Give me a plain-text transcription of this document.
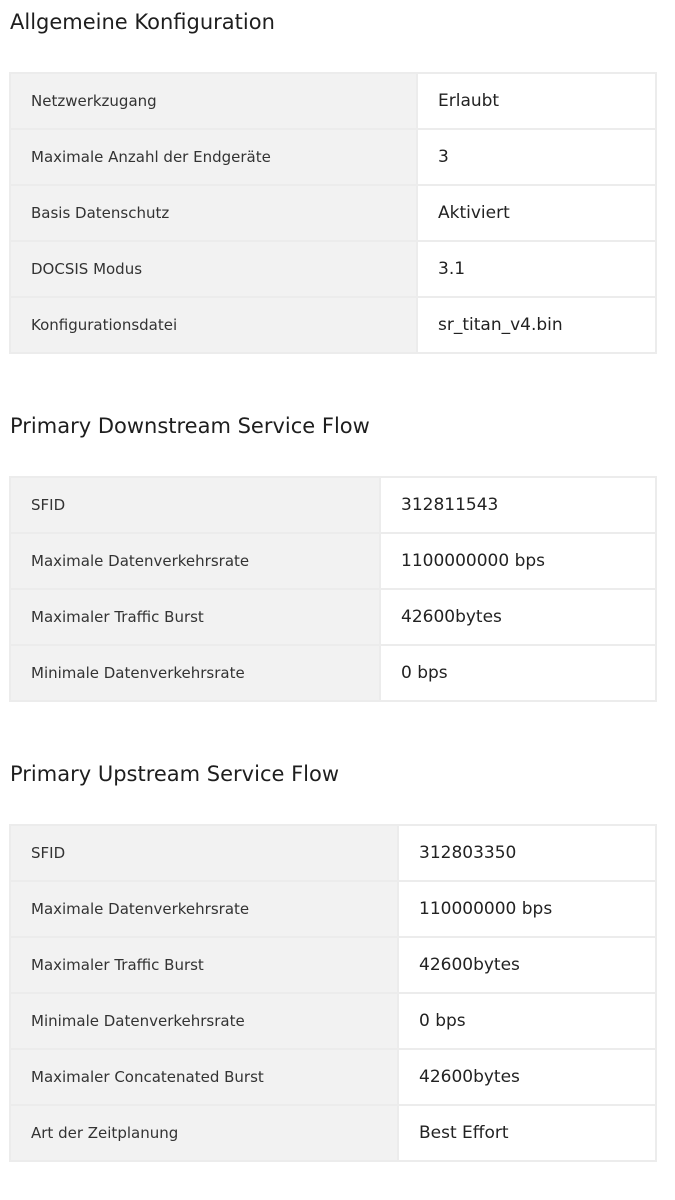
Allgemeine Konfiguration
Netzwerkzugang	Erlaubt
Maximale Anzahl der Endgeräte	3
Basis Datenschutz	Aktiviert
DOCSIS Modus	3.1
Konfigurationsdatei	sr_titan_v4.bin
Primary Downstream Service Flow
SFID	312811543
Maximale Datenverkehrsrate	1100000000 bps
Maximaler Traffic Burst	42600bytes
Minimale Datenverkehrsrate	0 bps
Primary Upstream Service Flow
SFID	312803350
Maximale Datenverkehrsrate	110000000 bps
Maximaler Traffic Burst	42600bytes
Minimale Datenverkehrsrate	0 bps
Maximaler Concatenated Burst	42600bytes
Art der Zeitplanung	Best Effort
